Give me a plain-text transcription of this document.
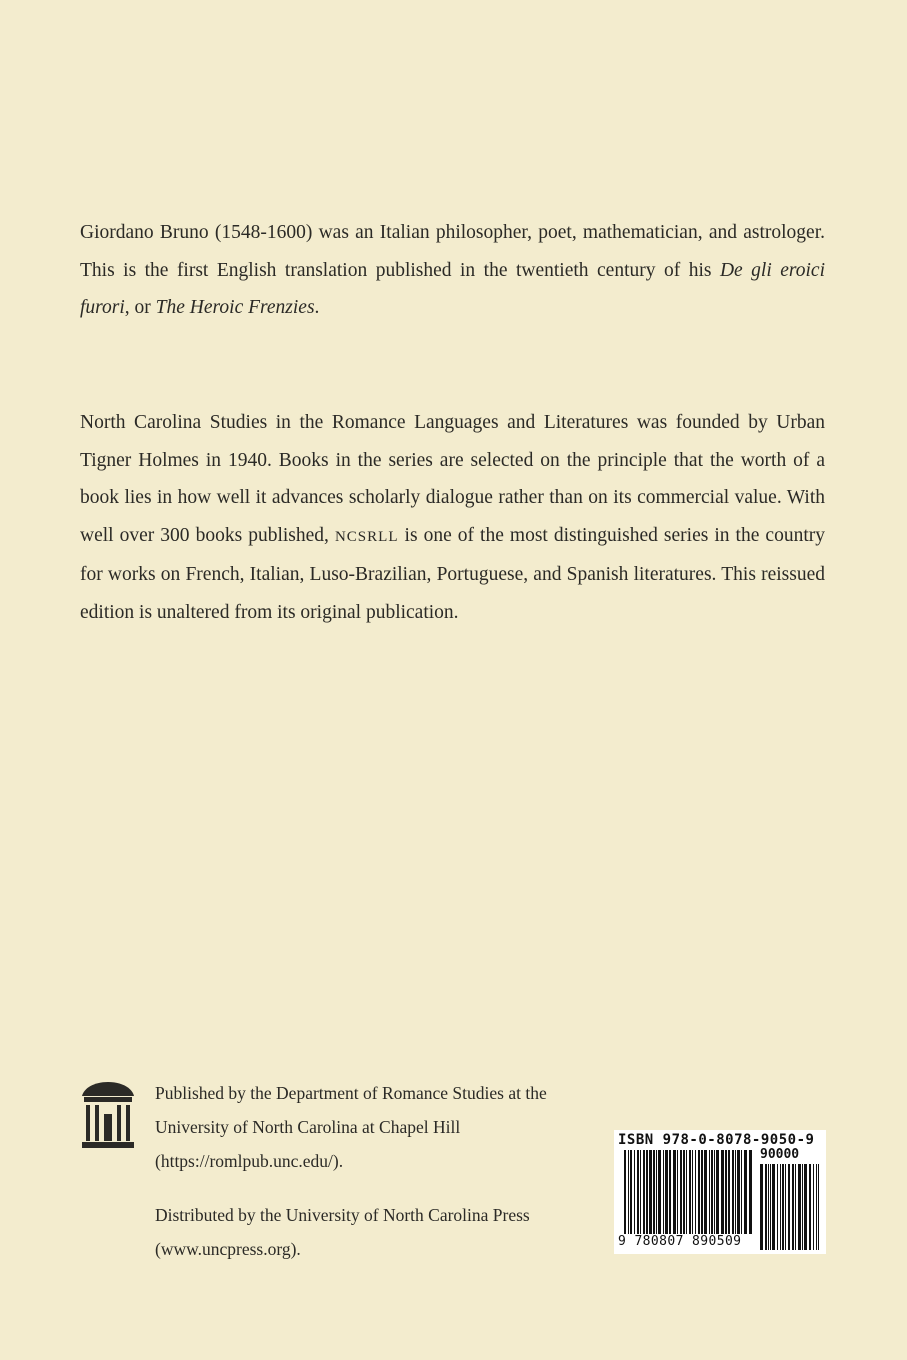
Giordano Bruno (1548-1600) was an Italian philosopher, poet, mathematician, and astrologer. This is the first English translation published in the twentieth century of his De gli eroici furori, or The Heroic Frenzies.

North Carolina Studies in the Romance Languages and Literatures was founded by Urban Tigner Holmes in 1940. Books in the series are selected on the principle that the worth of a book lies in how well it advances scholarly dialogue rather than on its commercial value. With well over 300 books published, NCSRLL is one of the most distinguished series in the country for works on French, Italian, Luso-Brazilian, Portuguese, and Spanish literatures. This reissued edition is unaltered from its original publication.

Published by the Department of Romance Studies at the University of North Carolina at Chapel Hill (https://romlpub.unc.edu/).

Distributed by the University of North Carolina Press (www.uncpress.org).

ISBN 978-0-8078-9050-9
90000
9 780807 890509
